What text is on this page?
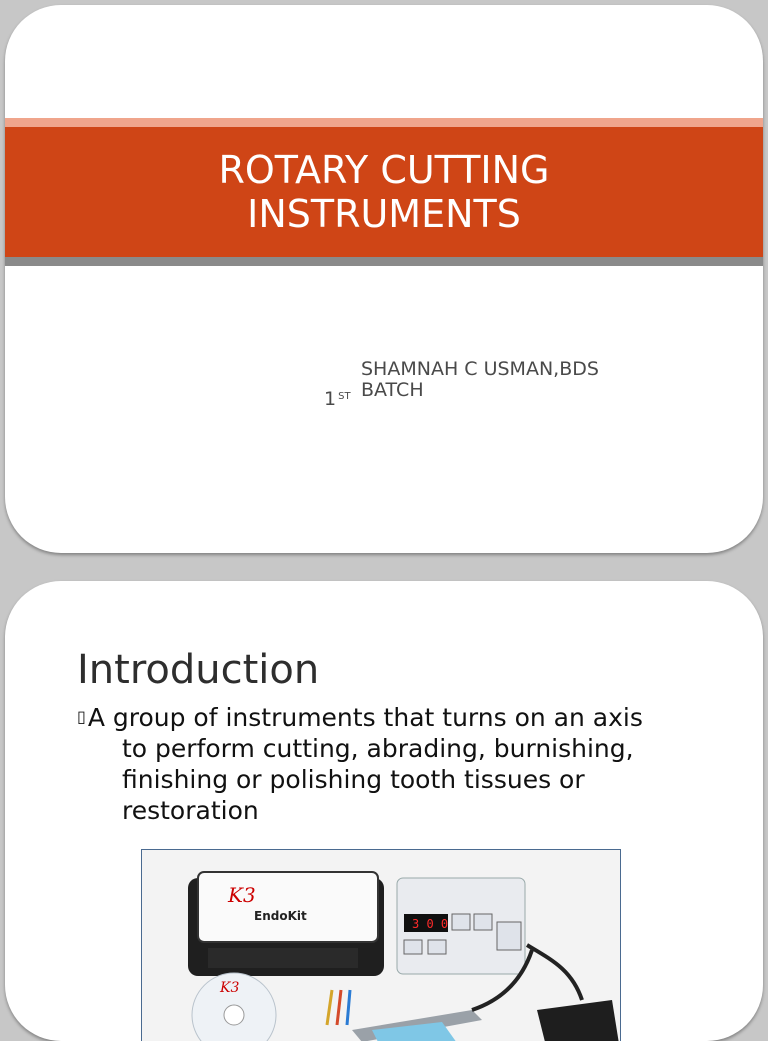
ROTARY CUTTING
INSTRUMENTS
SHAMNAH C USMAN,BDS
BATCH
1 $^{ST}$
Introduction
▯A group of instruments that turns on an axis
to perform cutting, abrading, burnishing,
finishing or polishing tooth tissues or
restoration
K3
EndoKit
3 0 0
K3
